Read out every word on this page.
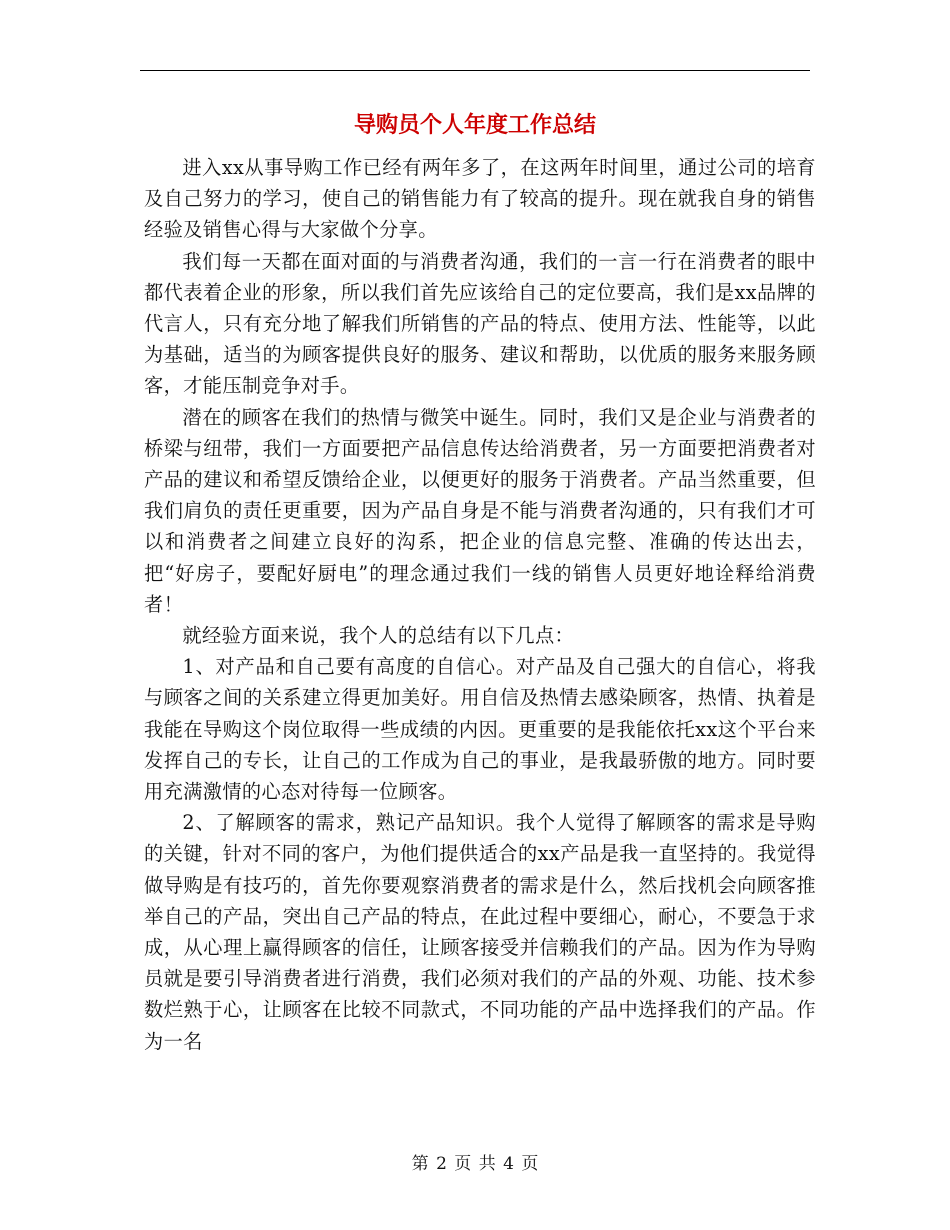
导购员个人年度工作总结

进入xx从事导购工作已经有两年多了，在这两年时间里，通过公司的培育及自己努力的学习，使自己的销售能力有了较高的提升。现在就我自身的销售经验及销售心得与大家做个分享。

我们每一天都在面对面的与消费者沟通，我们的一言一行在消费者的眼中都代表着企业的形象，所以我们首先应该给自己的定位要高，我们是xx品牌的代言人，只有充分地了解我们所销售的产品的特点、使用方法、性能等，以此为基础，适当的为顾客提供良好的服务、建议和帮助，以优质的服务来服务顾客，才能压制竞争对手。

潜在的顾客在我们的热情与微笑中诞生。同时，我们又是企业与消费者的桥梁与纽带，我们一方面要把产品信息传达给消费者，另一方面要把消费者对产品的建议和希望反馈给企业，以便更好的服务于消费者。产品当然重要，但我们肩负的责任更重要，因为产品自身是不能与消费者沟通的，只有我们才可以和消费者之间建立良好的沟系，把企业的信息完整、准确的传达出去，把“好房子，要配好厨电”的理念通过我们一线的销售人员更好地诠释给消费者！

就经验方面来说，我个人的总结有以下几点：

1、对产品和自己要有高度的自信心。对产品及自己强大的自信心，将我与顾客之间的关系建立得更加美好。用自信及热情去感染顾客，热情、执着是我能在导购这个岗位取得一些成绩的内因。更重要的是我能依托xx这个平台来发挥自己的专长，让自己的工作成为自己的事业，是我最骄傲的地方。同时要用充满激情的心态对待每一位顾客。

2、了解顾客的需求，熟记产品知识。我个人觉得了解顾客的需求是导购的关键，针对不同的客户，为他们提供适合的xx产品是我一直坚持的。我觉得做导购是有技巧的，首先你要观察消费者的需求是什么，然后找机会向顾客推举自己的产品，突出自己产品的特点，在此过程中要细心，耐心，不要急于求成，从心理上赢得顾客的信任，让顾客接受并信赖我们的产品。因为作为导购员就是要引导消费者进行消费，我们必须对我们的产品的外观、功能、技术参数烂熟于心，让顾客在比较不同款式，不同功能的产品中选择我们的产品。作为一名

第 2 页 共 4 页
